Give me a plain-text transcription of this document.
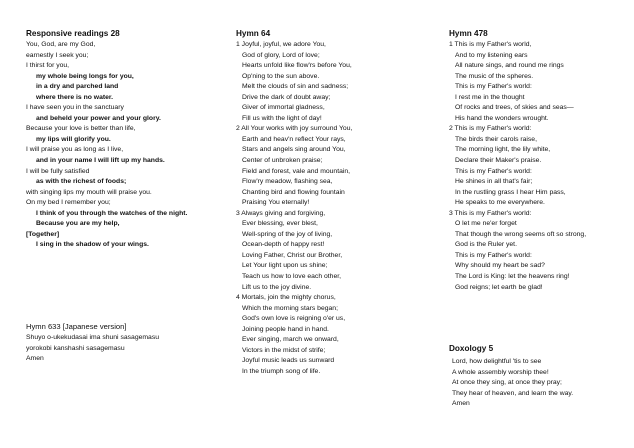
Responsive readings 28
You, God, are my God,
earnestly I seek you;
I thirst for you,
my whole being longs for you,
in a dry and parched land
where there is no water.
I have seen you in the sanctuary
and beheld your power and your glory.
Because your love is better than life,
my lips will glorify you.
I will praise you as long as I live,
and in your name I will lift up my hands.
I will be fully satisfied
as with the richest of foods;
with singing lips my mouth will praise you.
On my bed I remember you;
I think of you through the watches of the night.
Because you are my help,
[Together]
I sing in the shadow of your wings.
Hymn 633 [Japanese version]
Shuyo o-ukekudasai ima shuni sasagemasu
yorokobi kanshashi sasagemasu
Amen
Hymn 64
1 Joyful, joyful, we adore You,
God of glory, Lord of love;
Hearts unfold like flow'rs before You,
Op'ning to the sun above.
Melt the clouds of sin and sadness;
Drive the dark of doubt away;
Giver of immortal gladness,
Fill us with the light of day!
2 All Your works with joy surround You,
Earth and heav'n reflect Your rays,
Stars and angels sing around You,
Center of unbroken praise;
Field and forest, vale and mountain,
Flow'ry meadow, flashing sea,
Chanting bird and flowing fountain
Praising You eternally!
3 Always giving and forgiving,
Ever blessing, ever blest,
Well-spring of the joy of living,
Ocean-depth of happy rest!
Loving Father, Christ our Brother,
Let Your light upon us shine;
Teach us how to love each other,
Lift us to the joy divine.
4 Mortals, join the mighty chorus,
Which the morning stars began;
God's own love is reigning o'er us,
Joining people hand in hand.
Ever singing, march we onward,
Victors in the midst of strife;
Joyful music leads us sunward
In the triumph song of life.
Hymn 478
1 This is my Father's world,
And to my listening ears
All nature sings, and round me rings
The music of the spheres.
This is my Father's world:
I rest me in the thought
Of rocks and trees, of skies and seas—
His hand the wonders wrought.
2 This is my Father's world:
The birds their carols raise,
The morning light, the lily white,
Declare their Maker's praise.
This is my Father's world:
He shines in all that's fair;
In the rustling grass I hear Him pass,
He speaks to me everywhere.
3 This is my Father's world:
O let me ne'er forget
That though the wrong seems oft so strong,
God is the Ruler yet.
This is my Father's world:
Why should my heart be sad?
The Lord is King: let the heavens ring!
God reigns; let earth be glad!
Doxology 5
Lord, how delightful 'tis to see
A whole assembly worship thee!
At once they sing, at once they pray;
They hear of heaven, and learn the way.
Amen
